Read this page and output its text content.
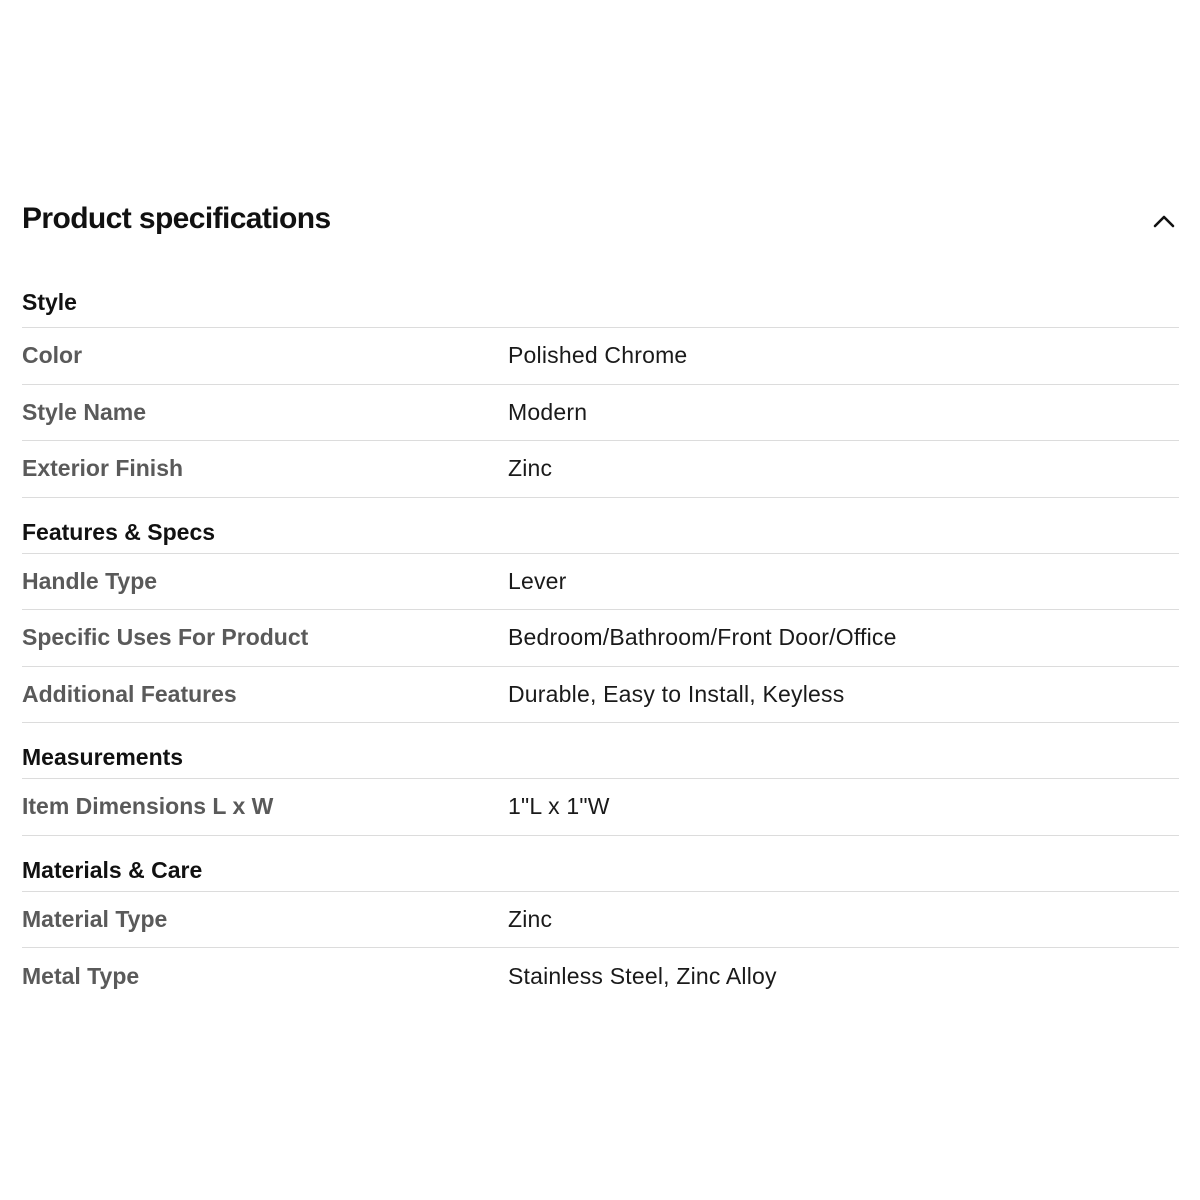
Product specifications
Style
Color	Polished Chrome
Style Name	Modern
Exterior Finish	Zinc
Features & Specs
Handle Type	Lever
Specific Uses For Product	Bedroom/Bathroom/Front Door/Office
Additional Features	Durable, Easy to Install, Keyless
Measurements
Item Dimensions L x W	1"L x 1"W
Materials & Care
Material Type	Zinc
Metal Type	Stainless Steel, Zinc Alloy
